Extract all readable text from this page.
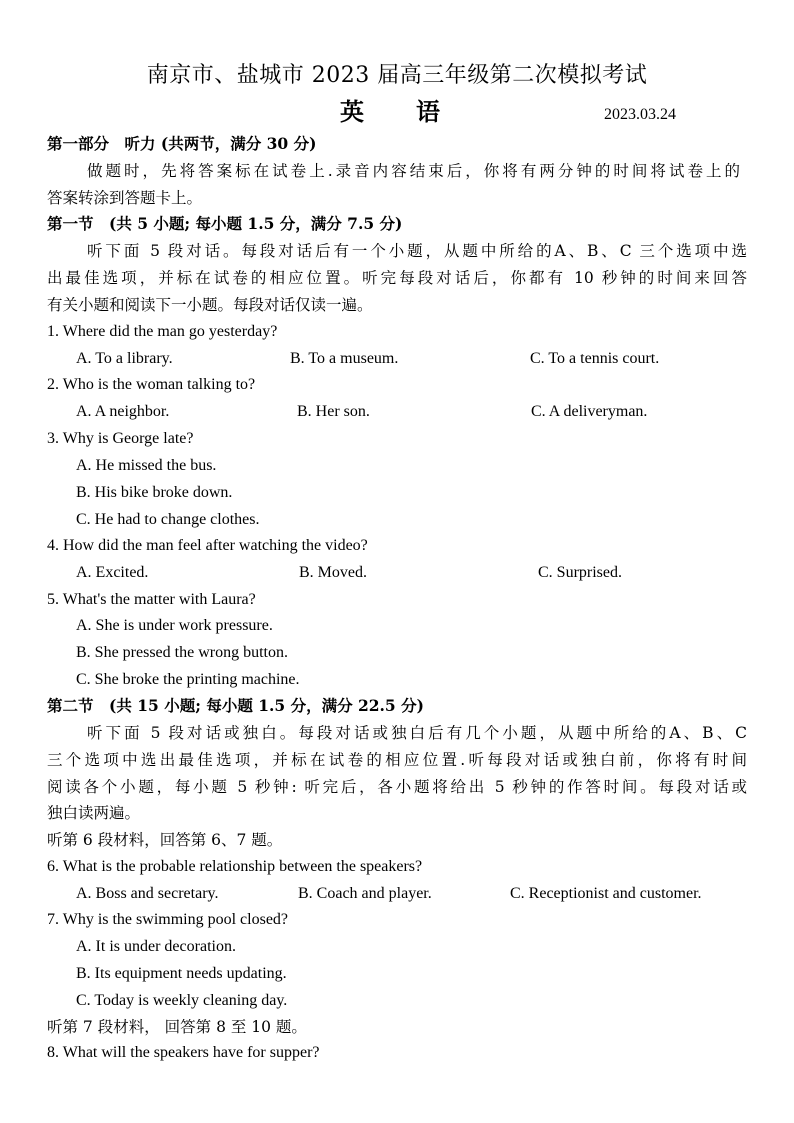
南京市、盐城市 2023 届高三年级第二次模拟考试
英　语	2023.03.24
第一部分　听力 (共两节，满分 30 分)
做题时，先将答案标在试卷上.录音内容结束后，你将有两分钟的时间将试卷上的
答案转涂到答题卡上。
第一节　(共 5 小题; 每小题 1.5 分，满分 7.5 分)
听下面 5 段对话。每段对话后有一个小题，从题中所给的A、B、C 三个选项中选
出最佳选项，并标在试卷的相应位置。听完每段对话后，你都有 10 秒钟的时间来回答
有关小题和阅读下一小题。每段对话仅读一遍。
1. Where did the man go yesterday?
A. To a library.	B. To a museum.	C. To a tennis court.
2. Who is the woman talking to?
A. A neighbor.	B. Her son.	C. A deliveryman.
3. Why is George late?
A. He missed the bus.
B. His bike broke down.
C. He had to change clothes.
4. How did the man feel after watching the video?
A. Excited.	B. Moved.	C. Surprised.
5. What's the matter with Laura?
A. She is under work pressure.
B. She pressed the wrong button.
C. She broke the printing machine.
第二节　(共 15 小题; 每小题 1.5 分，满分 22.5 分)
听下面 5 段对话或独白。每段对话或独白后有几个小题，从题中所给的A、B、C
三个选项中选出最佳选项，并标在试卷的相应位置.听每段对话或独白前，你将有时间
阅读各个小题，每小题 5 秒钟: 听完后，各小题将给出 5 秒钟的作答时间。每段对话或
独白读两遍。
听第 6 段材料，回答第 6、7 题。
6. What is the probable relationship between the speakers?
A. Boss and secretary.	B. Coach and player.	C. Receptionist and customer.
7. Why is the swimming pool closed?
A. It is under decoration.
B. Its equipment needs updating.
C. Today is weekly cleaning day.
听第 7 段材料， 回答第 8 至 10 题。
8. What will the speakers have for supper?
